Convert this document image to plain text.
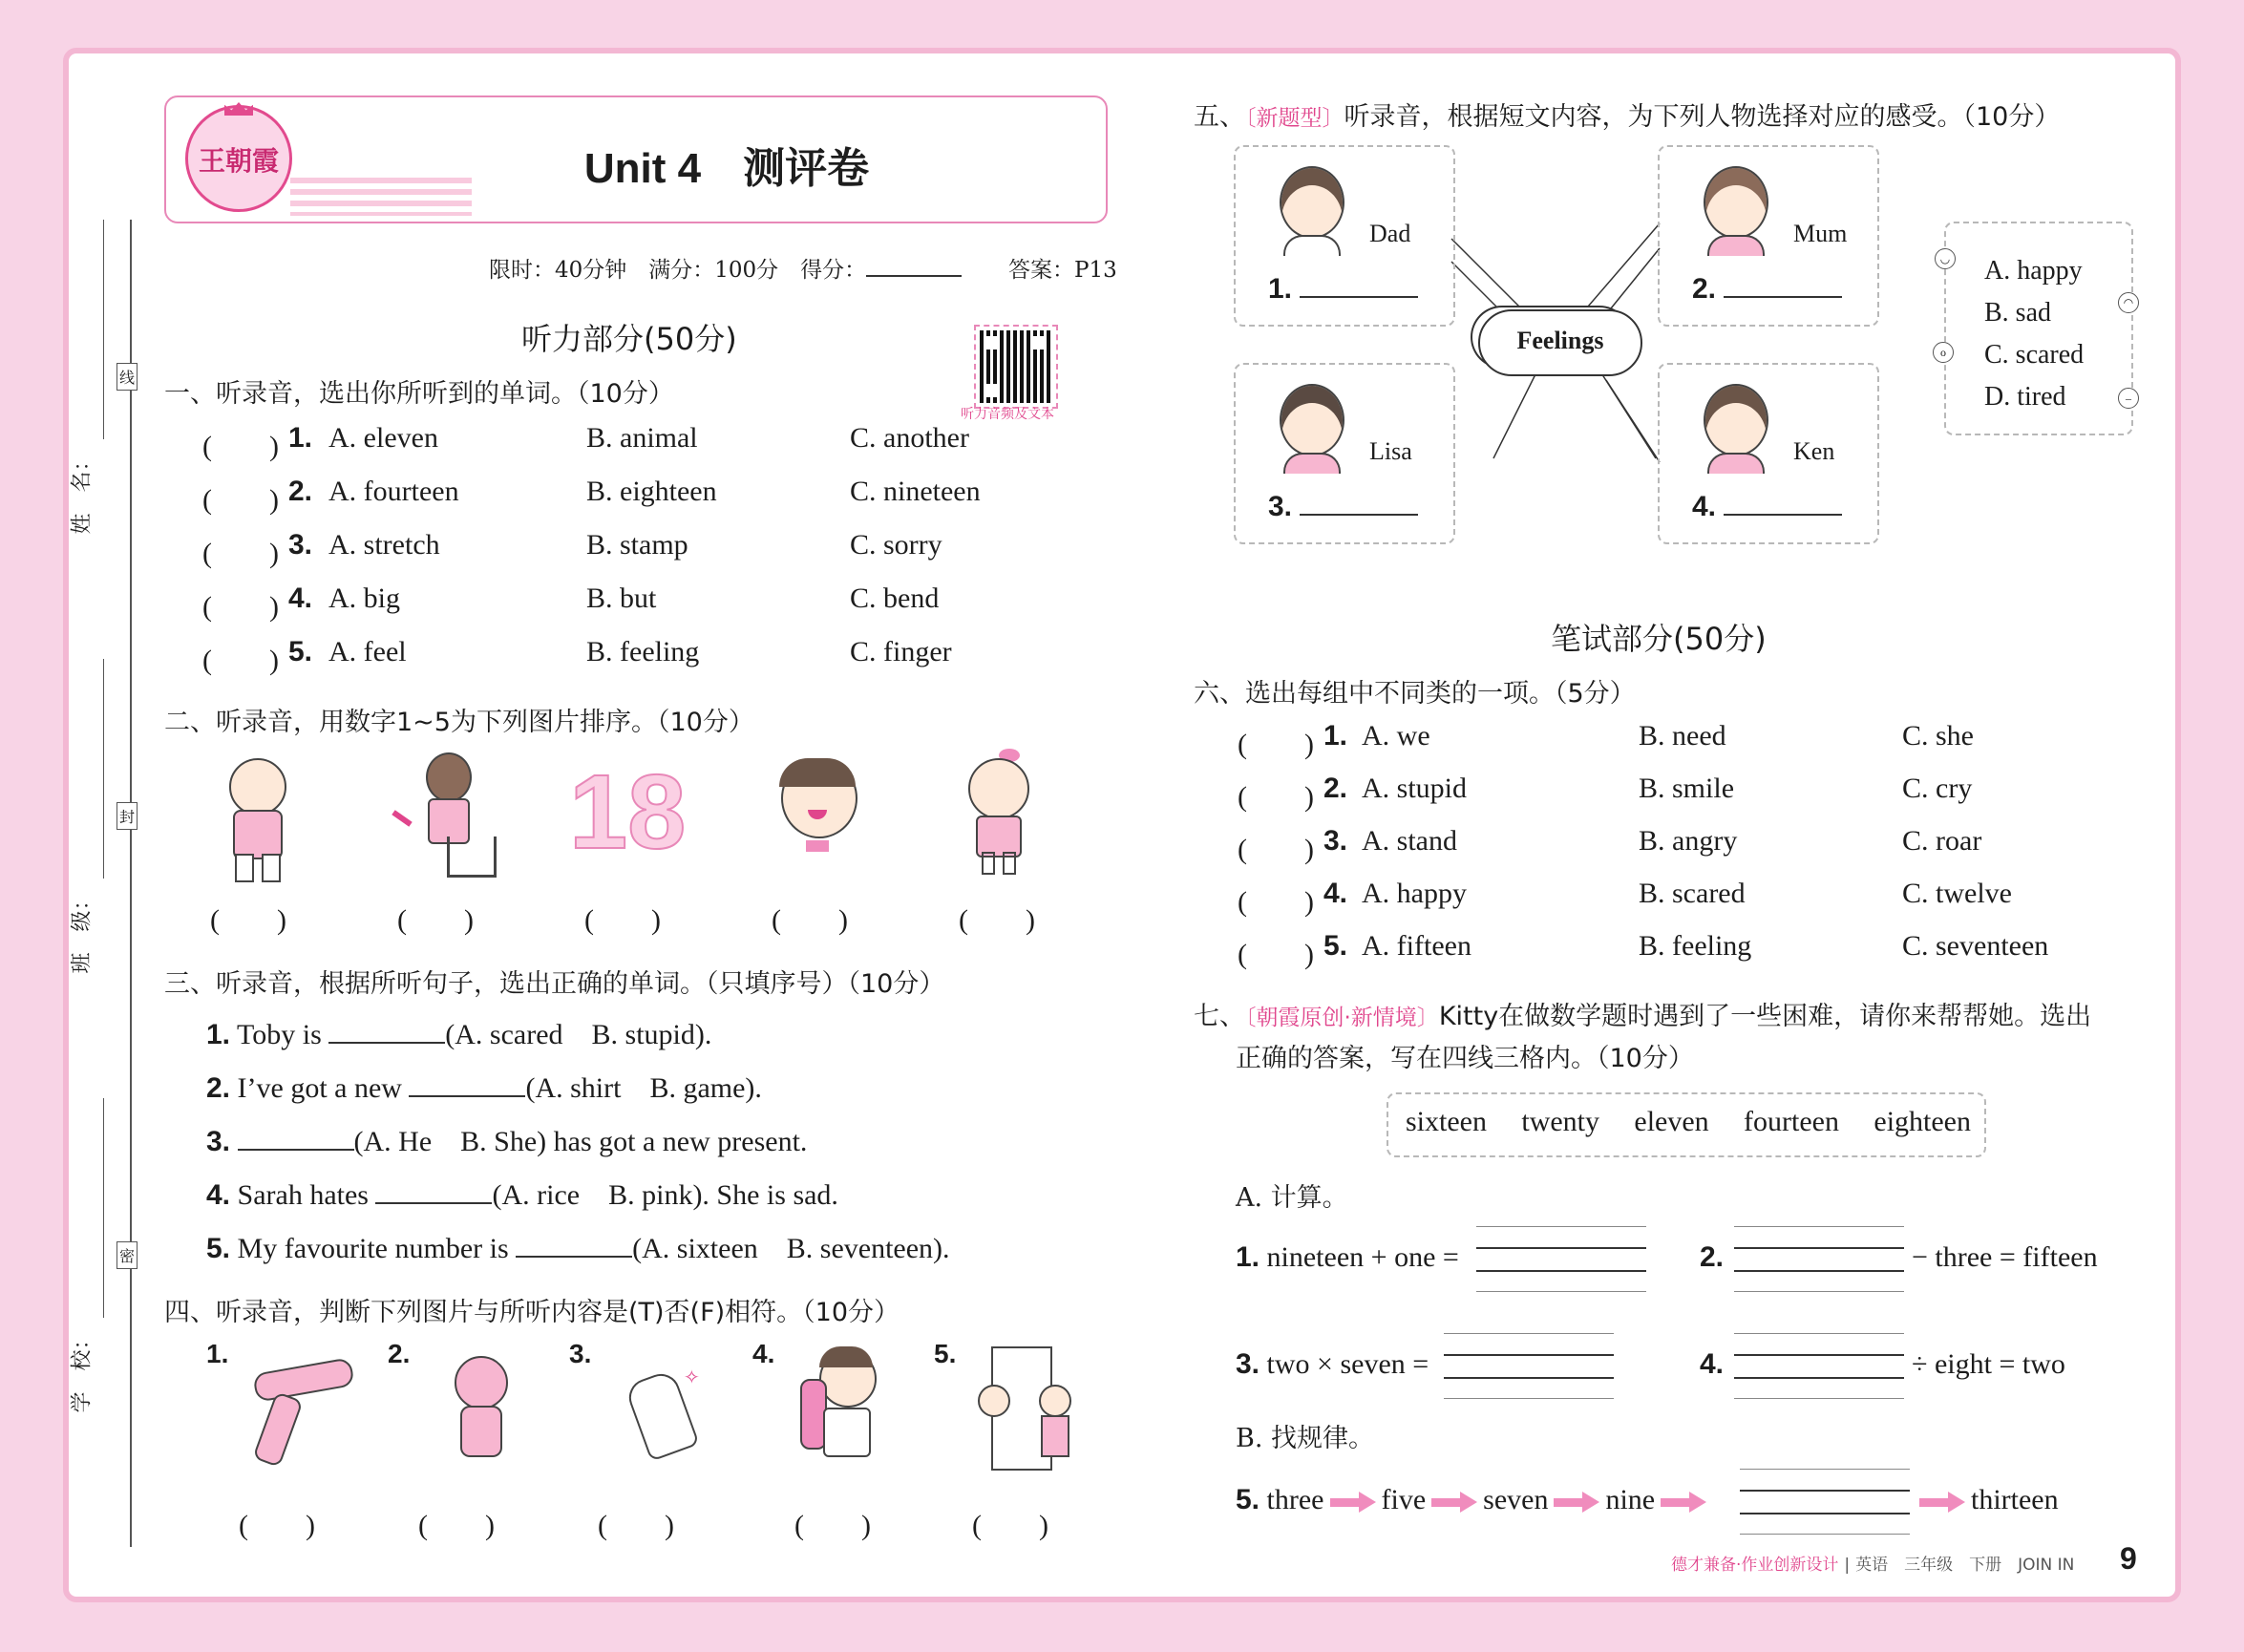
线
封
密
姓　名：
班　级：
学　校：
王朝霞	Unit 4　测评卷
限时：40分钟　满分：100分　得分：	答案：P13
听力部分(50分)
听力音频及文本
一、听录音，选出你所听到的单词。（10分）
(　　) 1. A. eleven	B. animal	C. another
(　　) 2. A. fourteen	B. eighteen	C. nineteen
(　　) 3. A. stretch	B. stamp	C. sorry
(　　) 4. A. big	B. but	C. bend
(　　) 5. A. feel	B. feeling	C. finger
二、听录音，用数字1~5为下列图片排序。（10分）
18
(　　)	(　　)	(　　)	(　　)	(　　)
三、听录音，根据所听句子，选出正确的单词。（只填序号）（10分）
1. Toby is	(A. scared　B. stupid).
2. I’ve got a new	(A. shirt　B. game).
3.	(A. He　B. She) has got a new present.
4. Sarah hates	(A. rice　B. pink). She is sad.
5. My favourite number is	(A. sixteen　B. seventeen).
四、听录音，判断下列图片与所听内容是(T)否(F)相符。（10分）
1.	2.	3.
✧
4.	5.
(　　)	(　　)	(　　)	(　　)	(　　)
五、〔新题型〕听录音，根据短文内容，为下列人物选择对应的感受。（10分）
Dad
1.
Mum
2.
Lisa
3.
Ken
4.
Feelings
A. happy
B. sad
C. scared
D. tired
◡
◠
o
–
笔试部分(50分)
六、选出每组中不同类的一项。（5分）
(　　) 1. A. we	B. need	C. she
(　　) 2. A. stupid	B. smile	C. cry
(　　) 3. A. stand	B. angry	C. roar
(　　) 4. A. happy	B. scared	C. twelve
(　　) 5. A. fifteen	B. feeling	C. seventeen
七、〔朝霞原创·新情境〕Kitty在做数学题时遇到了一些困难，请你来帮帮她。选出
正确的答案，写在四线三格内。（10分）
sixteen twenty eleven fourteen eighteen
A. 计算。
1. nineteen + one =	2.	− three = fifteen
3. two × seven =	4.	÷ eight = two
B. 找规律。
5. three five seven nine	thirteen
德才兼备·作业创新设计 | 英语　三年级　下册　JOIN IN 9
